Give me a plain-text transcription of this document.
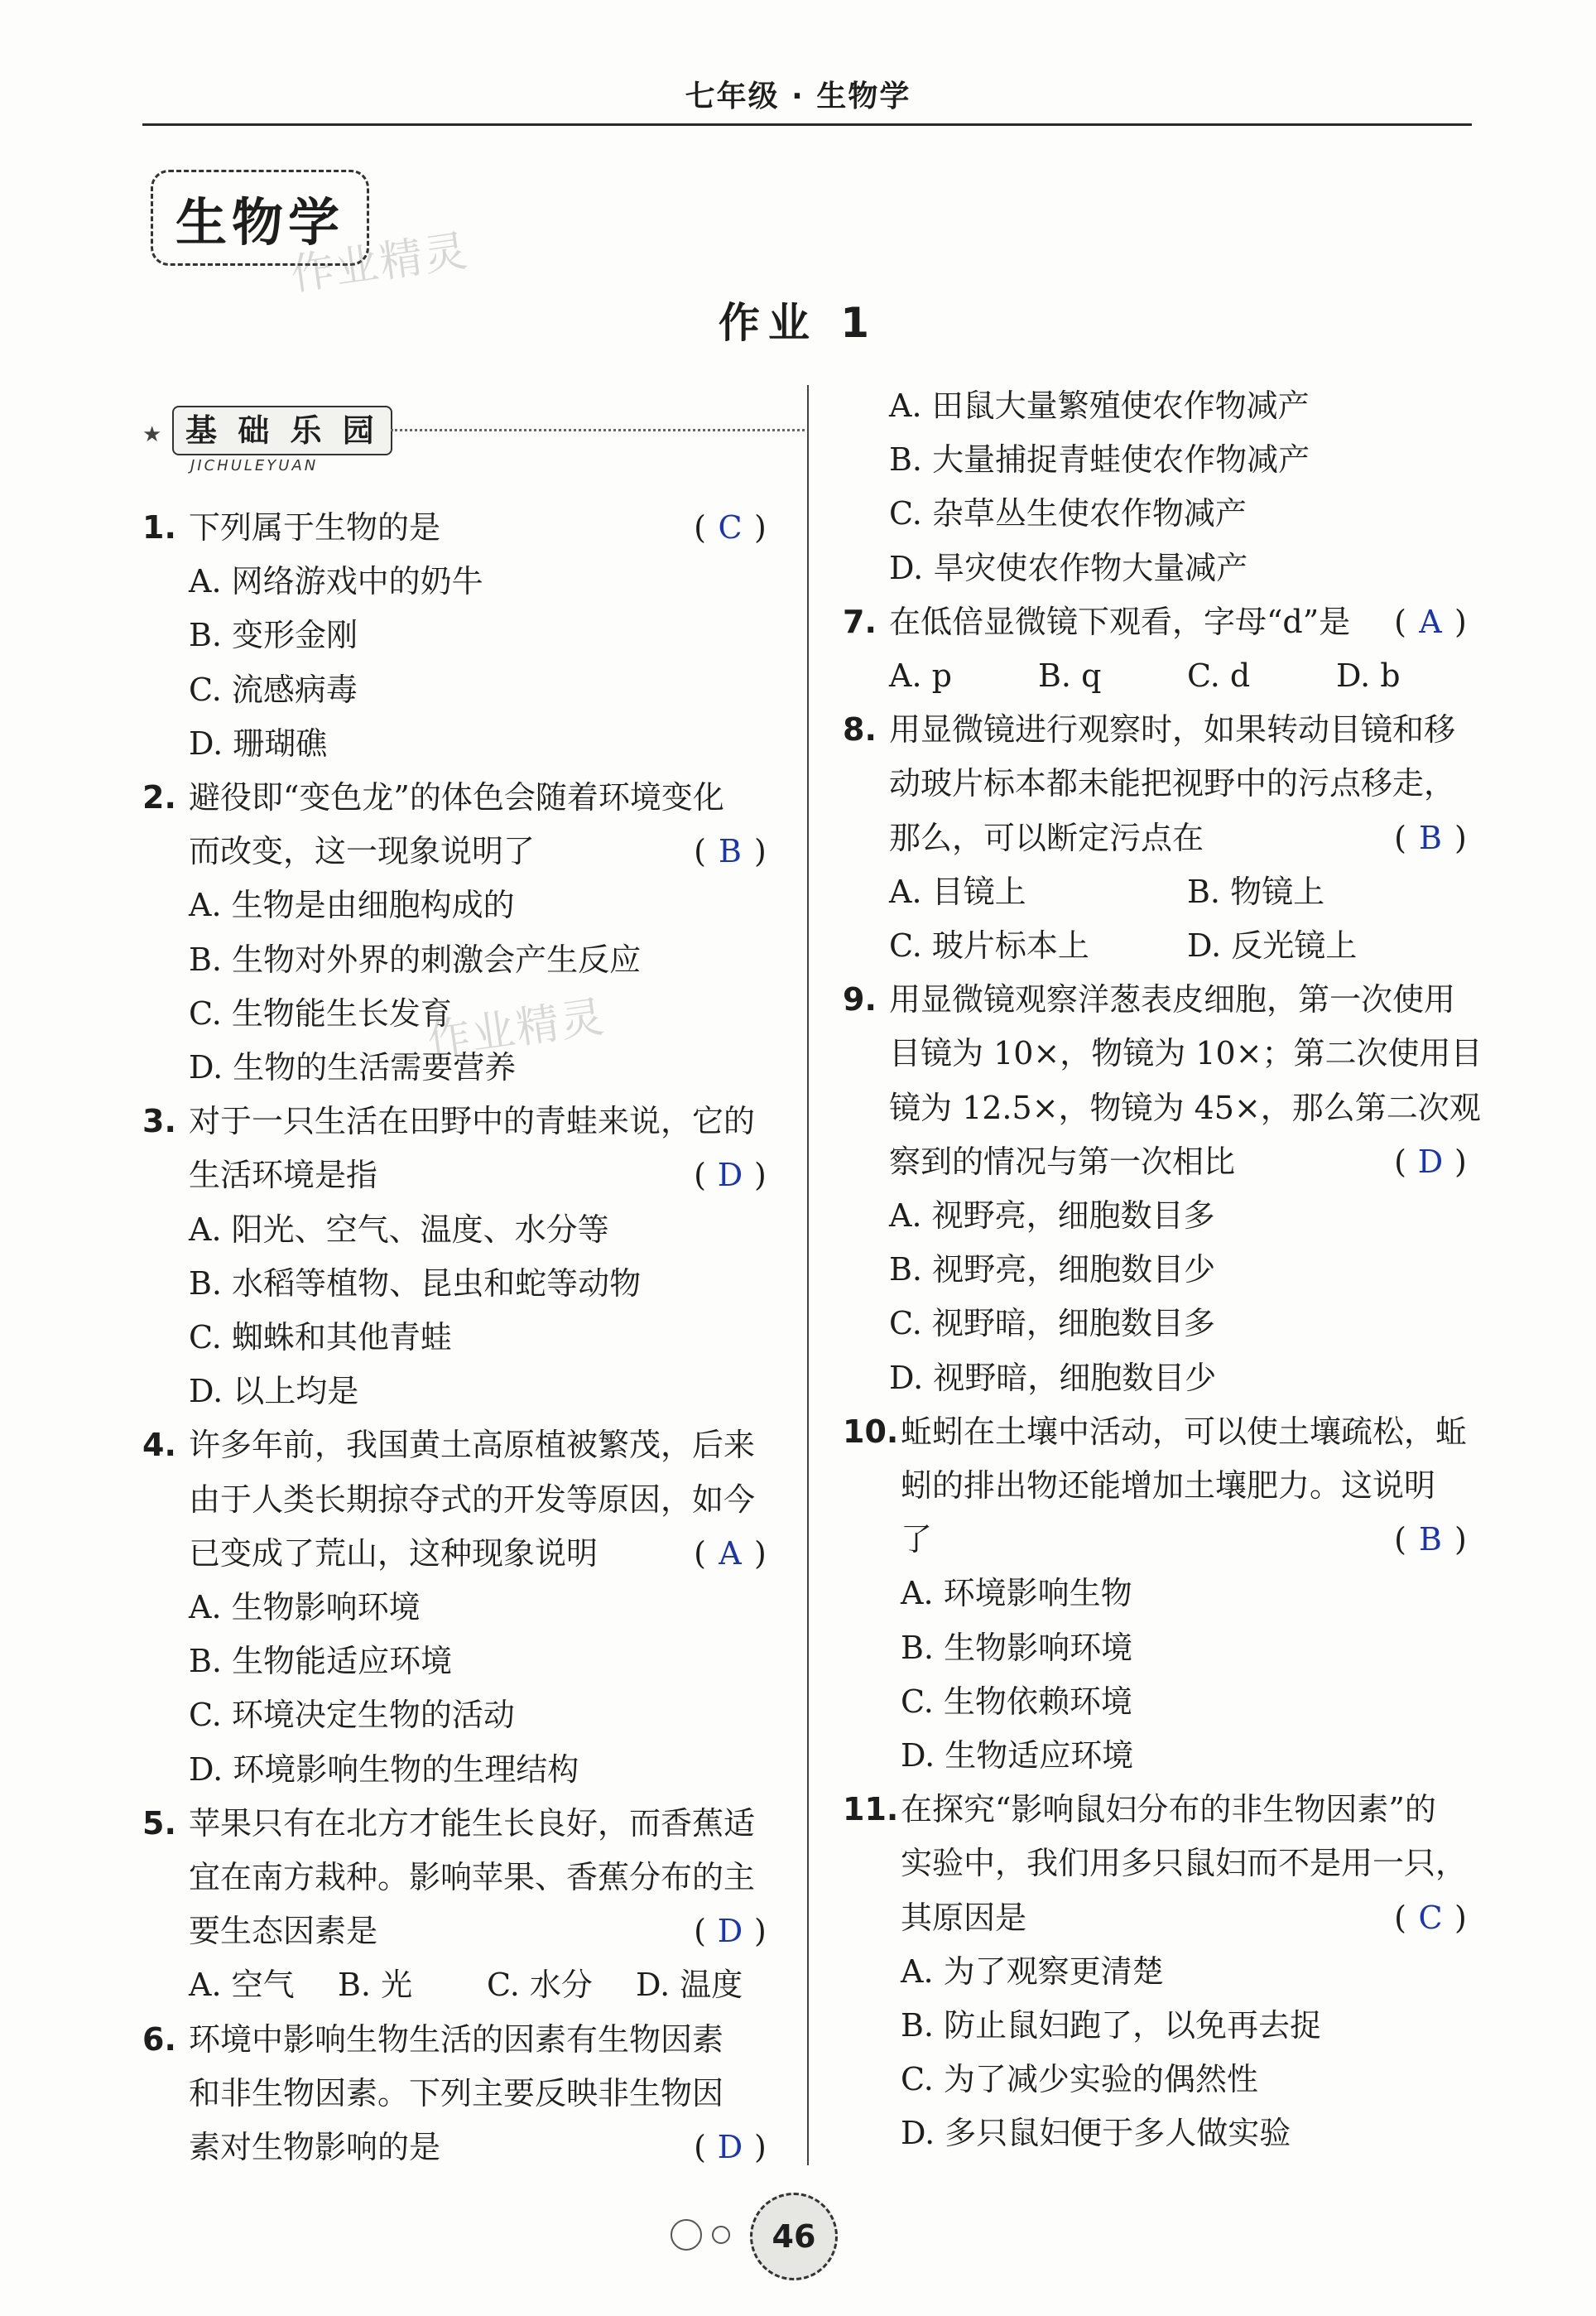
七年级 · 生物学
生物学
作业精灵
作业精灵
作业 1
★ 基 础 乐 园
JICHULEYUAN
1. 下列属于生物的是	( C )
A. 网络游戏中的奶牛
B. 变形金刚
C. 流感病毒
D. 珊瑚礁
2. 避役即“变色龙”的体色会随着环境变化
而改变，这一现象说明了	( B )
A. 生物是由细胞构成的
B. 生物对外界的刺激会产生反应
C. 生物能生长发育
D. 生物的生活需要营养
3. 对于一只生活在田野中的青蛙来说，它的
生活环境是指	( D )
A. 阳光、空气、温度、水分等
B. 水稻等植物、昆虫和蛇等动物
C. 蜘蛛和其他青蛙
D. 以上均是
4. 许多年前，我国黄土高原植被繁茂，后来
由于人类长期掠夺式的开发等原因，如今
已变成了荒山，这种现象说明	( A )
A. 生物影响环境
B. 生物能适应环境
C. 环境决定生物的活动
D. 环境影响生物的生理结构
5. 苹果只有在北方才能生长良好，而香蕉适
宜在南方栽种。影响苹果、香蕉分布的主
要生态因素是	( D )
A. 空气 B. 光 C. 水分 D. 温度
6. 环境中影响生物生活的因素有生物因素
和非生物因素。下列主要反映非生物因
素对生物影响的是	( D )
A. 田鼠大量繁殖使农作物减产
B. 大量捕捉青蛙使农作物减产
C. 杂草丛生使农作物减产
D. 旱灾使农作物大量减产
7. 在低倍显微镜下观看，字母“d”是	( A )
A. p	B. q	C. d	D. b
8. 用显微镜进行观察时，如果转动目镜和移
动玻片标本都未能把视野中的污点移走，
那么，可以断定污点在	( B )
A. 目镜上	B. 物镜上
C. 玻片标本上	D. 反光镜上
9. 用显微镜观察洋葱表皮细胞，第一次使用
目镜为 10×，物镜为 10×；第二次使用目
镜为 12.5×，物镜为 45×，那么第二次观
察到的情况与第一次相比	( D )
A. 视野亮，细胞数目多
B. 视野亮，细胞数目少
C. 视野暗，细胞数目多
D. 视野暗，细胞数目少
10.蚯蚓在土壤中活动，可以使土壤疏松，蚯
蚓的排出物还能增加土壤肥力。这说明
了	( B )
A. 环境影响生物
B. 生物影响环境
C. 生物依赖环境
D. 生物适应环境
11.在探究“影响鼠妇分布的非生物因素”的
实验中，我们用多只鼠妇而不是用一只，
其原因是	( C )
A. 为了观察更清楚
B. 防止鼠妇跑了，以免再去捉
C. 为了减少实验的偶然性
D. 多只鼠妇便于多人做实验
46
